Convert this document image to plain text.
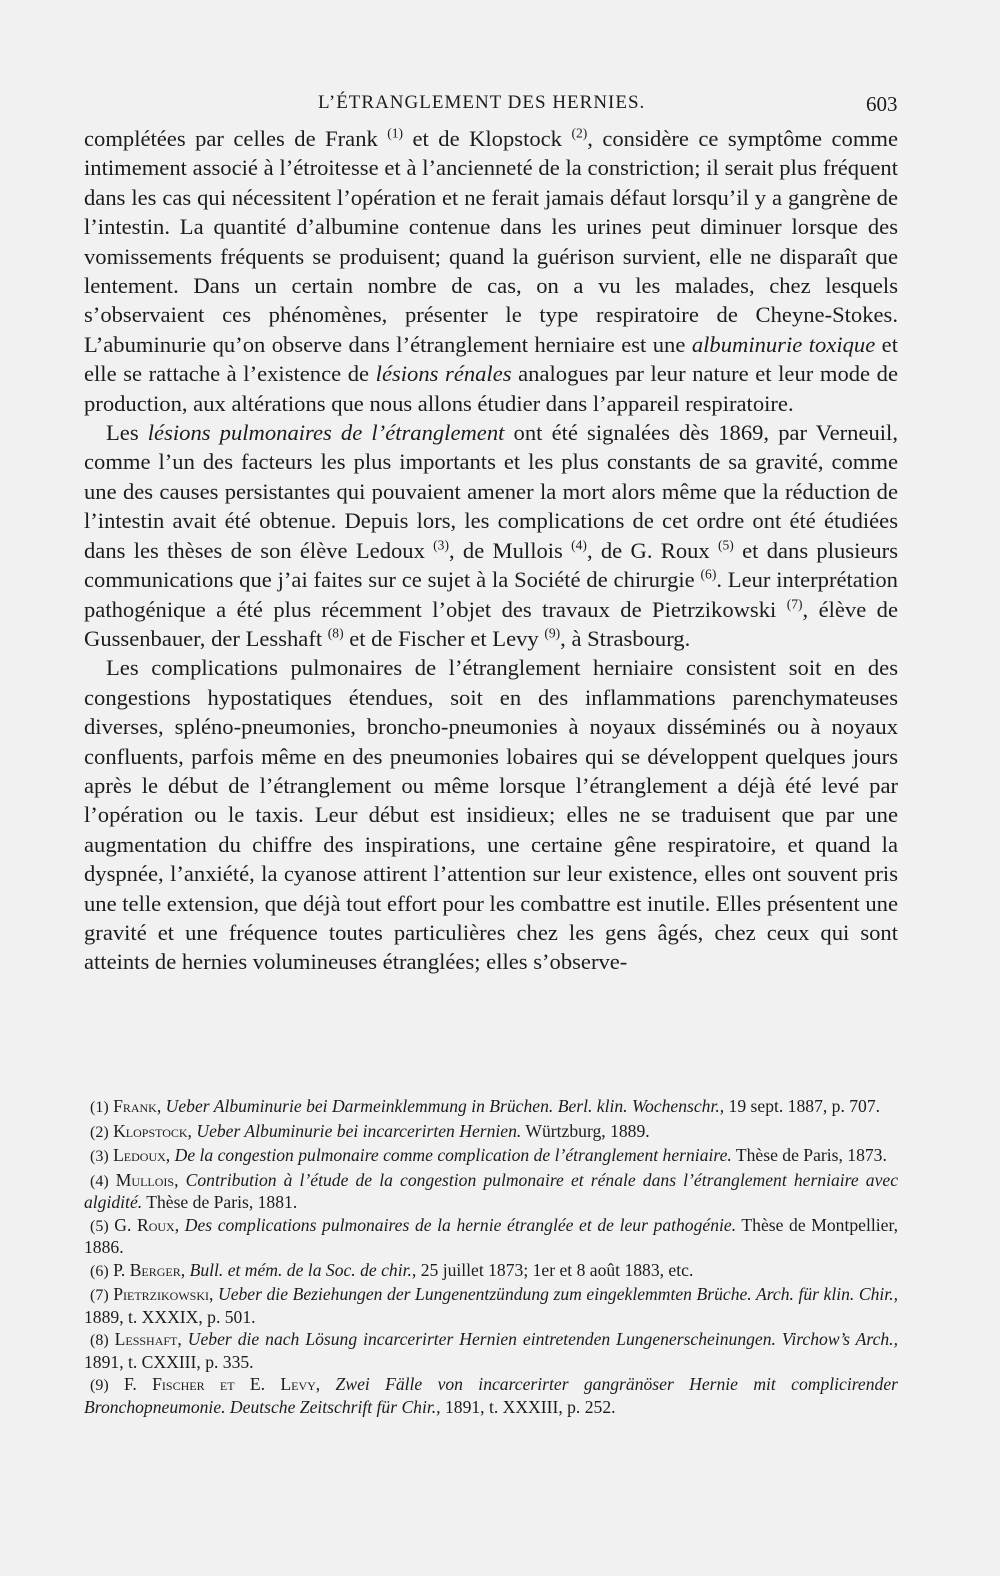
L’ÉTRANGLEMENT DES HERNIES.	603

complétées par celles de Frank $^{(1)}$ et de Klopstock $^{(2)}$, considère ce symptôme comme intimement associé à l’étroitesse et à l’ancienneté de la constriction; il serait plus fréquent dans les cas qui nécessitent l’opération et ne ferait jamais défaut lorsqu’il y a gangrène de l’intestin. La quantité d’albumine contenue dans les urines peut diminuer lorsque des vomissements fréquents se produisent; quand la guérison survient, elle ne disparaît que lentement. Dans un certain nombre de cas, on a vu les malades, chez lesquels s’observaient ces phénomènes, présenter le type respiratoire de Cheyne-Stokes. L’abuminurie qu’on observe dans l’étranglement herniaire est une albuminurie toxique et elle se rattache à l’existence de lésions rénales analogues par leur nature et leur mode de production, aux altérations que nous allons étudier dans l’appareil respiratoire.

Les lésions pulmonaires de l’étranglement ont été signalées dès 1869, par Verneuil, comme l’un des facteurs les plus importants et les plus constants de sa gravité, comme une des causes persistantes qui pouvaient amener la mort alors même que la réduction de l’intestin avait été obtenue. Depuis lors, les complications de cet ordre ont été étudiées dans les thèses de son élève Ledoux $^{(3)}$, de Mullois $^{(4)}$, de G. Roux $^{(5)}$ et dans plusieurs communications que j’ai faites sur ce sujet à la Société de chirurgie $^{(6)}$. Leur interprétation pathogénique a été plus récemment l’objet des travaux de Pietrzikowski $^{(7)}$, élève de Gussenbauer, der Lesshaft $^{(8)}$ et de Fischer et Levy $^{(9)}$, à Strasbourg.

Les complications pulmonaires de l’étranglement herniaire consistent soit en des congestions hypostatiques étendues, soit en des inflammations parenchymateuses diverses, spléno-pneumonies, broncho-pneumonies à noyaux disséminés ou à noyaux confluents, parfois même en des pneumonies lobaires qui se développent quelques jours après le début de l’étranglement ou même lorsque l’étranglement a déjà été levé par l’opération ou le taxis. Leur début est insidieux; elles ne se traduisent que par une augmentation du chiffre des inspirations, une certaine gêne respiratoire, et quand la dyspnée, l’anxiété, la cyanose attirent l’attention sur leur existence, elles ont souvent pris une telle extension, que déjà tout effort pour les combattre est inutile. Elles présentent une gravité et une fréquence toutes particulières chez les gens âgés, chez ceux qui sont atteints de hernies volumineuses étranglées; elles s’observe-

(1) Frank, Ueber Albuminurie bei Darmeinklemmung in Brüchen. Berl. klin. Wochenschr., 19 sept. 1887, p. 707.
(2) Klopstock, Ueber Albuminurie bei incarcerirten Hernien. Würtzburg, 1889.
(3) Ledoux, De la congestion pulmonaire comme complication de l’étranglement herniaire. Thèse de Paris, 1873.
(4) Mullois, Contribution à l’étude de la congestion pulmonaire et rénale dans l’étranglement herniaire avec algidité. Thèse de Paris, 1881.
(5) G. Roux, Des complications pulmonaires de la hernie étranglée et de leur pathogénie. Thèse de Montpellier, 1886.
(6) P. Berger, Bull. et mém. de la Soc. de chir., 25 juillet 1873; 1er et 8 août 1883, etc.
(7) Pietrzikowski, Ueber die Beziehungen der Lungenentzündung zum eingeklemmten Brüche. Arch. für klin. Chir., 1889, t. XXXIX, p. 501.
(8) Lesshaft, Ueber die nach Lösung incarcerirter Hernien eintretenden Lungenerscheinungen. Virchow’s Arch., 1891, t. CXXIII, p. 335.
(9) F. Fischer et E. Levy, Zwei Fälle von incarcerirter gangränöser Hernie mit complicirender Bronchopneumonie. Deutsche Zeitschrift für Chir., 1891, t. XXXIII, p. 252.
